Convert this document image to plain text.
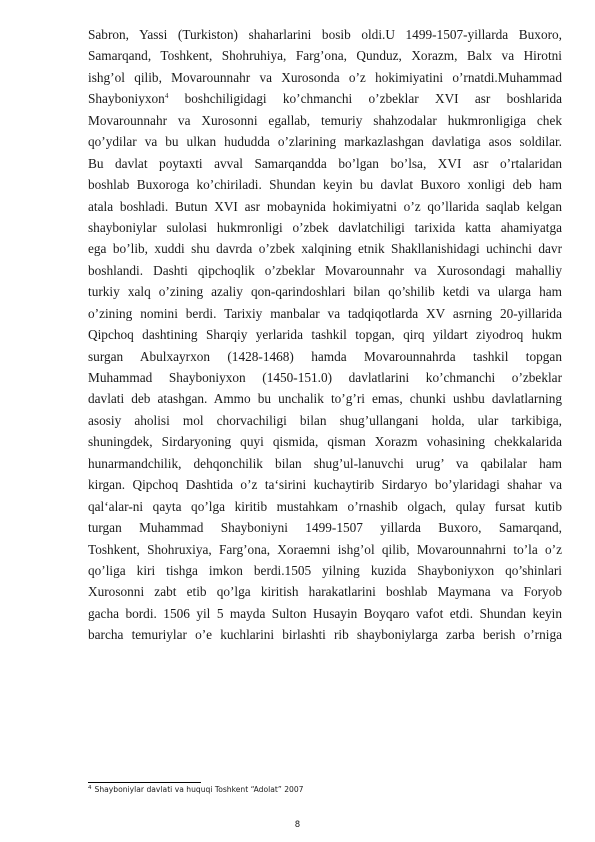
Sabron, Yassi (Turkiston) shaharlarini bosib oldi.U 1499-1507-yillarda Buxoro,
Samarqand, Toshkent, Shohruhiya, Farg’ona, Qunduz, Xorazm, Balx va Hirotni
ishg’ol qilib, Movarounnahr va Xurosonda o’z hokimiyatini o’rnatdi.Muhammad
Shayboniyxon$^4$ boshchiligidagi ko’chmanchi o’zbeklar XVI asr boshlarida
Movarounnahr va Xurosonni egallab, temuriy shahzodalar hukmronligiga chek
qo’ydilar va bu ulkan hududda o’zlarining markazlashgan davlatiga asos soldilar.
Bu davlat poytaxti avval Samarqandda bo’lgan bo’lsa, XVI asr o’rtalaridan
boshlab Buxoroga ko’chiriladi. Shundan keyin bu davlat Buxoro xonligi deb ham
atala boshladi. Butun XVI asr mobaynida hokimiyatni o’z qo’llarida saqlab kelgan
shayboniylar sulolasi hukmronligi o’zbek davlatchiligi tarixida katta ahamiyatga
ega bo’lib, xuddi shu davrda o’zbek xalqining etnik Shakllanishidagi uchinchi davr
boshlandi. Dashti qipchoqlik o’zbeklar Movarounnahr va Xurosondagi mahalliy
turkiy xalq o’zining azaliy qon-qarindoshlari bilan qo’shilib ketdi va ularga ham
o’zining nomini berdi. Tarixiy manbalar va tadqiqotlarda XV asrning 20-yillarida
Qipchoq dashtining Sharqiy yerlarida tashkil topgan, qirq yildart ziyodroq hukm
surgan Abulxayrxon (1428-1468) hamda Movarounnahrda tashkil topgan
Muhammad Shayboniyxon (1450-151.0) davlatlarini ko’chmanchi o’zbeklar
davlati deb atashgan. Ammo bu unchalik to’g’ri emas, chunki ushbu davlatlarning
asosiy aholisi mol chorvachiligi bilan shug’ullangani holda, ular tarkibiga,
shuningdek, Sirdaryoning quyi qismida, qisman Xorazm vohasining chekkalarida
hunarmandchilik, dehqonchilik bilan shug’ul-lanuvchi urug’ va qabilalar ham
kirgan. Qipchoq Dashtida o’z taʻsirini kuchaytirib Sirdaryo bo’ylaridagi shahar va
qalʻalar-ni qayta qo’lga kiritib mustahkam o’rnashib olgach, qulay fursat kutib
turgan Muhammad Shayboniyni 1499-1507 yillarda Buxoro, Samarqand,
Toshkent, Shohruxiya, Farg’ona, Xoraemni ishg’ol qilib, Movarounnahrni to’la o’z
qo’liga kiri tishga imkon berdi.1505 yilning kuzida Shayboniyxon qo’shinlari
Xurosonni zabt etib qo’lga kiritish harakatlarini boshlab Maymana va Foryob
gacha bordi. 1506 yil 5 mayda Sulton Husayin Boyqaro vafot etdi. Shundan keyin
barcha temuriylar o’e kuchlarini birlashti rib shayboniylarga zarba berish o’rniga
$^4$ Shayboniylar davlati va huquqi Toshkent “Adolat” 2007
8
